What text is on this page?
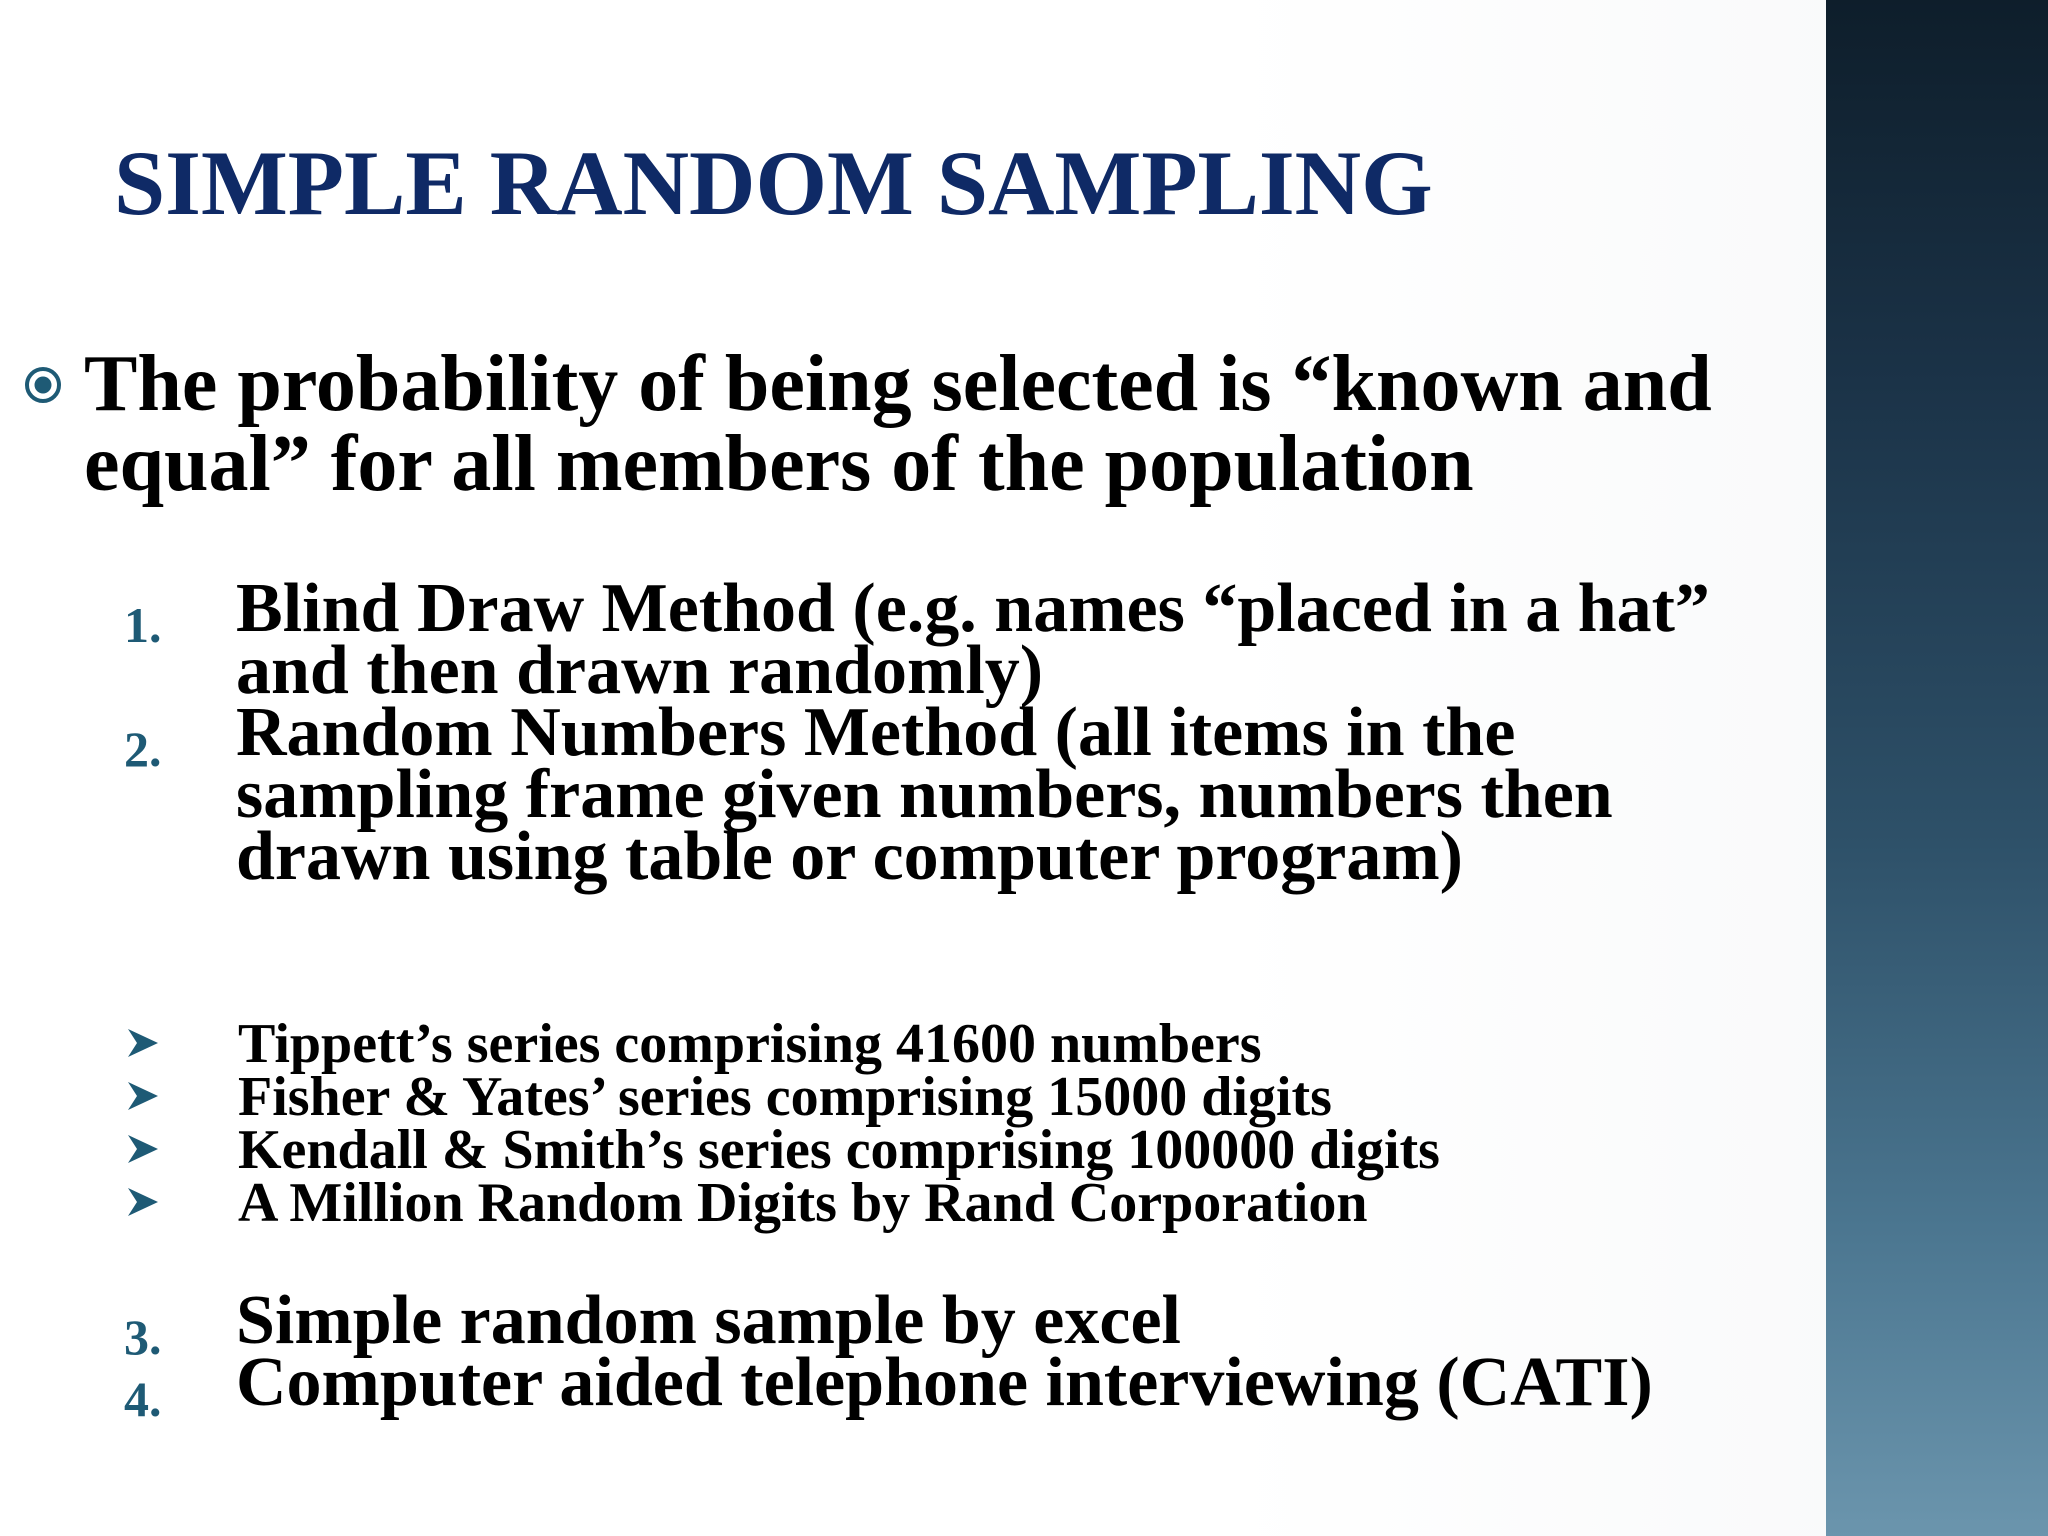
SIMPLE RANDOM SAMPLING
The probability of being selected is “known and equal” for all members of the population
1. Blind Draw Method (e.g. names “placed in a hat” and then drawn randomly)
2. Random Numbers Method (all items in the sampling frame given numbers, numbers then drawn using table or computer program)
Tippett’s series comprising 41600 numbers
Fisher & Yates’ series comprising 15000 digits
Kendall & Smith’s series comprising 100000 digits
A Million Random Digits by Rand Corporation
3. Simple random sample by excel
4. Computer aided telephone interviewing (CATI)
